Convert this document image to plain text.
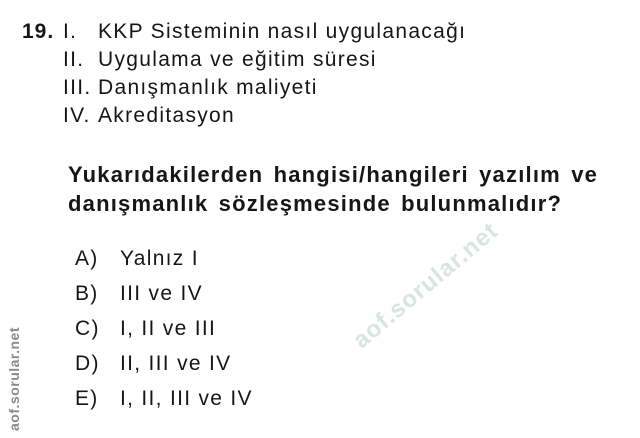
aof.sorular.net
aof.sorular.net
19. I. KKP Sisteminin nasıl uygulanacağı
II. Uygulama ve eğitim süresi
III. Danışmanlık maliyeti
IV. Akreditasyon
Yukarıdakilerden hangisi/hangileri yazılım ve danışmanlık sözleşmesinde bulunmalıdır?
A)	Yalnız I
B)	III ve IV
C) I, II ve III
D) II, III ve IV
E)	I, II, III ve IV
